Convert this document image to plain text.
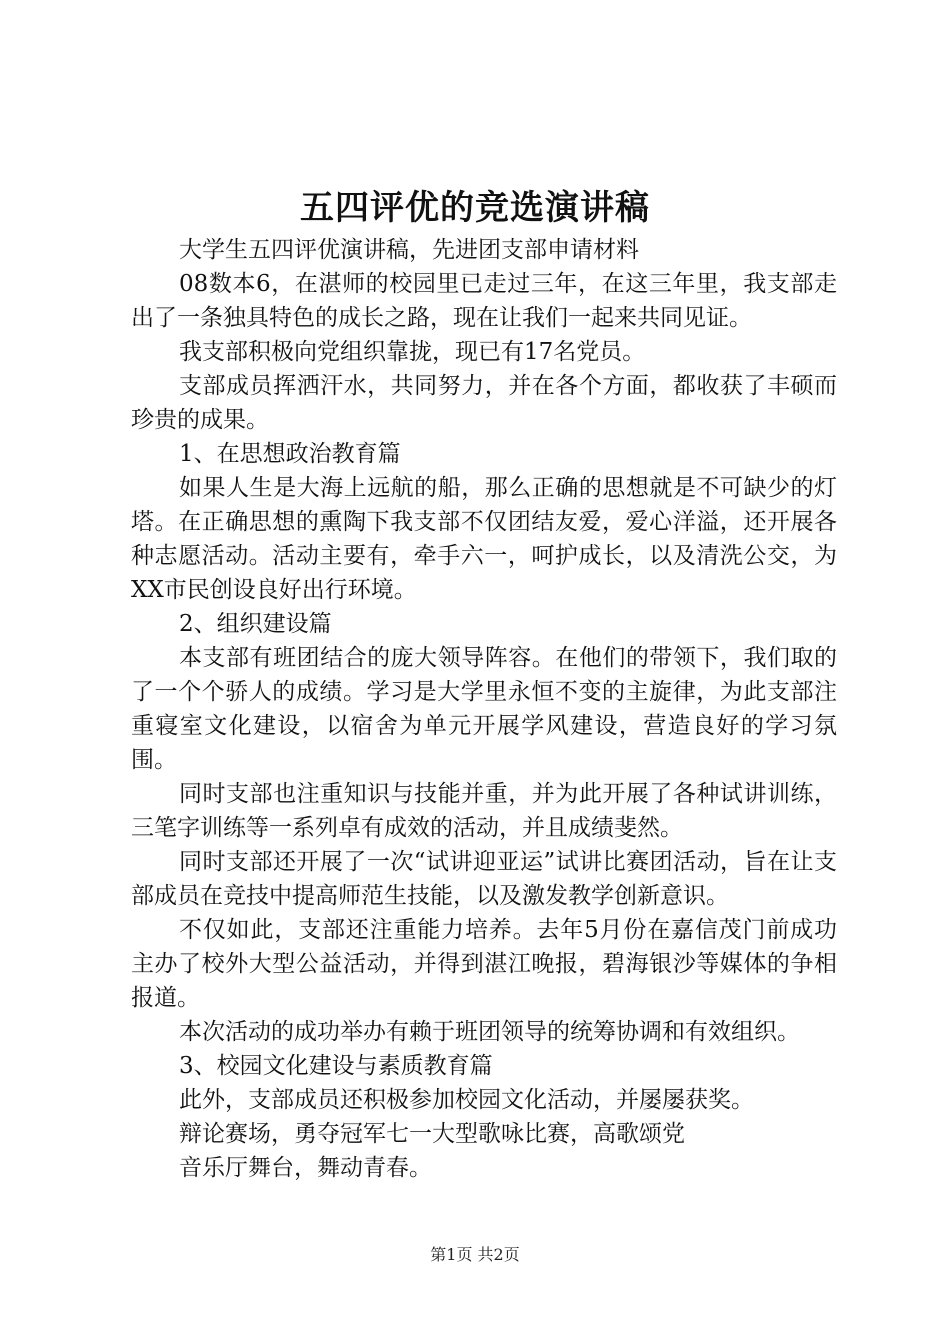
五四评优的竞选演讲稿

大学生五四评优演讲稿，先进团支部申请材料

08数本6，在湛师的校园里已走过三年，在这三年里，我支部走出了一条独具特色的成长之路，现在让我们一起来共同见证。

我支部积极向党组织靠拢，现已有17名党员。

支部成员挥洒汗水，共同努力，并在各个方面，都收获了丰硕而珍贵的成果。

1、在思想政治教育篇

如果人生是大海上远航的船，那么正确的思想就是不可缺少的灯塔。在正确思想的熏陶下我支部不仅团结友爱，爱心洋溢，还开展各种志愿活动。活动主要有，牵手六一，呵护成长，以及清洗公交，为XX市民创设良好出行环境。

2、组织建设篇

本支部有班团结合的庞大领导阵容。在他们的带领下，我们取的了一个个骄人的成绩。学习是大学里永恒不变的主旋律，为此支部注重寝室文化建设，以宿舍为单元开展学风建设，营造良好的学习氛围。

同时支部也注重知识与技能并重，并为此开展了各种试讲训练，三笔字训练等一系列卓有成效的活动，并且成绩斐然。

同时支部还开展了一次“试讲迎亚运”试讲比赛团活动，旨在让支部成员在竞技中提高师范生技能，以及激发教学创新意识。

不仅如此，支部还注重能力培养。去年5月份在嘉信茂门前成功主办了校外大型公益活动，并得到湛江晚报，碧海银沙等媒体的争相报道。

本次活动的成功举办有赖于班团领导的统筹协调和有效组织。

3、校园文化建设与素质教育篇

此外，支部成员还积极参加校园文化活动，并屡屡获奖。

辩论赛场，勇夺冠军七一大型歌咏比赛，高歌颂党

音乐厅舞台，舞动青春。

第1页 共2页
